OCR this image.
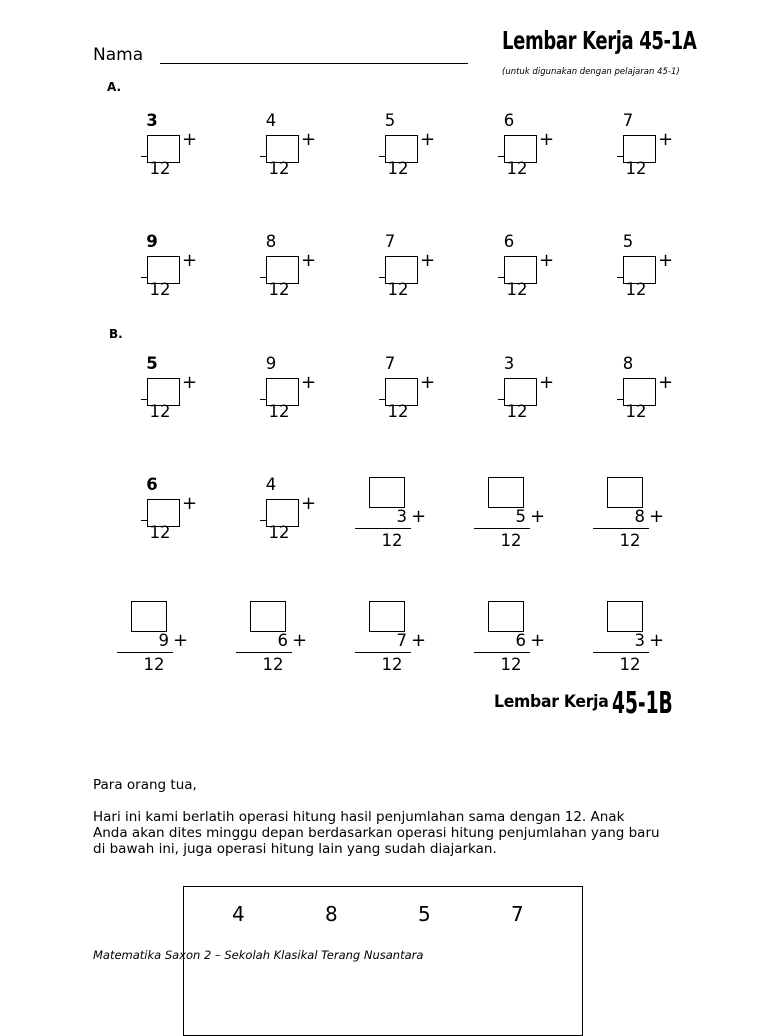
Nama	Lembar Kerja 45-1A
(untuk digunakan dengan pelajaran 45-1)
A.
B.
3
+
12
4
+
12
5
+
12
6
+
12
7
+
12
9
+
12
8
+
12
7
+
12
6
+
12
5
+
12
5
+
12
9
+
12
7
+
12
3
+
12
8
+
12
6
+
12
4
+
12
3 +
12
5 +
12
8 +
12
9 +
12
6 +
12
7 +
12
6 +
12
3 +
12
Lembar Kerja 45-1B
Para orang tua,
Hari ini kami berlatih operasi hitung hasil penjumlahan sama dengan 12. Anak Anda akan dites minggu depan berdasarkan operasi hitung penjumlahan yang baru di bawah ini, juga operasi hitung lain yang sudah diajarkan.
4	8	5	7
Matematika Saxon 2 – Sekolah Klasikal Terang Nusantara
